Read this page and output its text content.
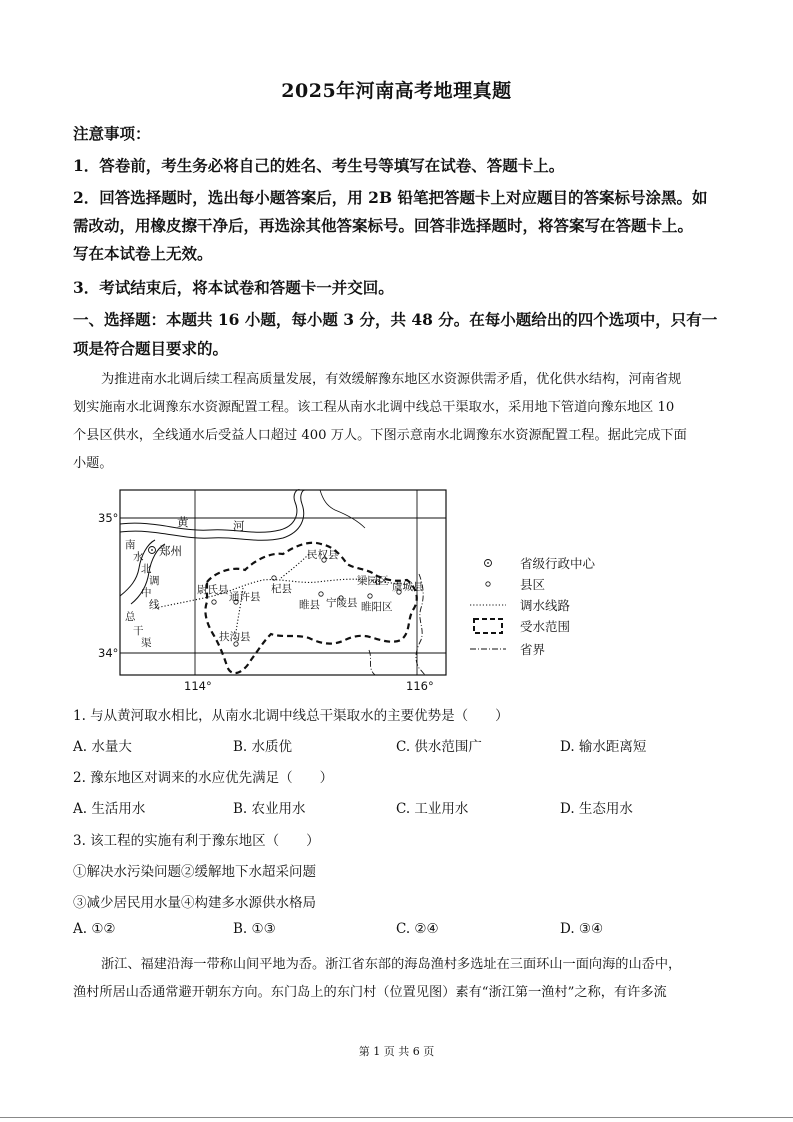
2025年河南高考地理真题
注意事项：
1．答卷前，考生务必将自己的姓名、考生号等填写在试卷、答题卡上。
2．回答选择题时，选出每小题答案后，用 2B 铅笔把答题卡上对应题目的答案标号涂黑。如
需改动，用橡皮擦干净后，再选涂其他答案标号。回答非选择题时，将答案写在答题卡上。
写在本试卷上无效。
3．考试结束后，将本试卷和答题卡一并交回。
一、选择题：本题共 16 小题，每小题 3 分，共 48 分。在每小题给出的四个选项中，只有一
项是符合题目要求的。
为推进南水北调后续工程高质量发展，有效缓解豫东地区水资源供需矛盾，优化供水结构，河南省规
划实施南水北调豫东水资源配置工程。该工程从南水北调中线总干渠取水，采用地下管道向豫东地区 10
个县区供水，全线通水后受益人口超过 400 万人。下图示意南水北调豫东水资源配置工程。据此完成下面
小题。
黄	河
南
水
北
调
中
线
总
干
渠
郑州	民权县
尉氏县	杞县
通许县
睢阳区
梁园区 虞城县
睢县 宁陵县
扶沟县
35°
34°
114°	116°
省级行政中心
县区
调水线路
受水范围
省界
1. 与从黄河取水相比，从南水北调中线总干渠取水的主要优势是（　　）
A. 水量大	B. 水质优	C. 供水范围广	D. 输水距离短
2. 豫东地区对调来的水应优先满足（　　）
A. 生活用水	B. 农业用水	C. 工业用水	D. 生态用水
3. 该工程的实施有利于豫东地区（　　）
①解决水污染问题②缓解地下水超采问题
③减少居民用水量④构建多水源供水格局
A. ①②	B. ①③	C. ②④	D. ③④
浙江、福建沿海一带称山间平地为岙。浙江省东部的海岛渔村多选址在三面环山一面向海的山岙中，
渔村所居山岙通常避开朝东方向。东门岛上的东门村（位置见图）素有“浙江第一渔村”之称，有许多流
第 1 页 共 6 页
